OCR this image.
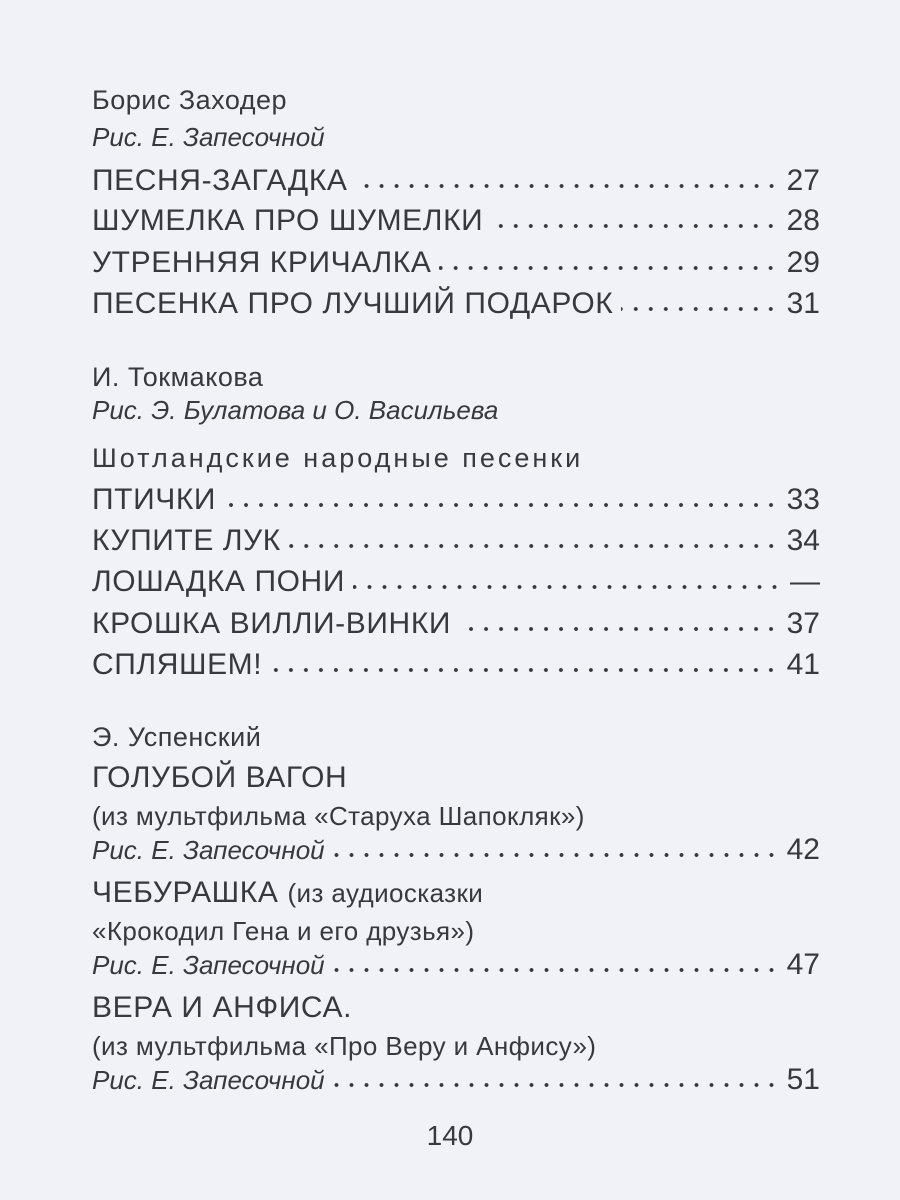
Борис Заходер
Рис. Е. Запесочной
ПЕСНЯ-ЗАГАДКА	27
ШУМЕЛКА ПРО ШУМЕЛКИ	28
УТРЕННЯЯ КРИЧАЛКА	29
ПЕСЕНКА ПРО ЛУЧШИЙ ПОДАРОК	31
И. Токмакова
Рис. Э. Булатова и О. Васильева
Шотландские народные песенки
ПТИЧКИ	33
КУПИТЕ ЛУК	34
ЛОШАДКА ПОНИ	—
КРОШКА ВИЛЛИ-ВИНКИ	37
СПЛЯШЕМ!	41
Э. Успенский
ГОЛУБОЙ ВАГОН
(из мультфильма «Старуха Шапокляк»)
Рис. Е. Запесочной	42
ЧЕБУРАШКА (из аудиосказки
«Крокодил Гена и его друзья»)
Рис. Е. Запесочной	47
ВЕРА И АНФИСА.
(из мультфильма «Про Веру и Анфису»)
Рис. Е. Запесочной	51
140
